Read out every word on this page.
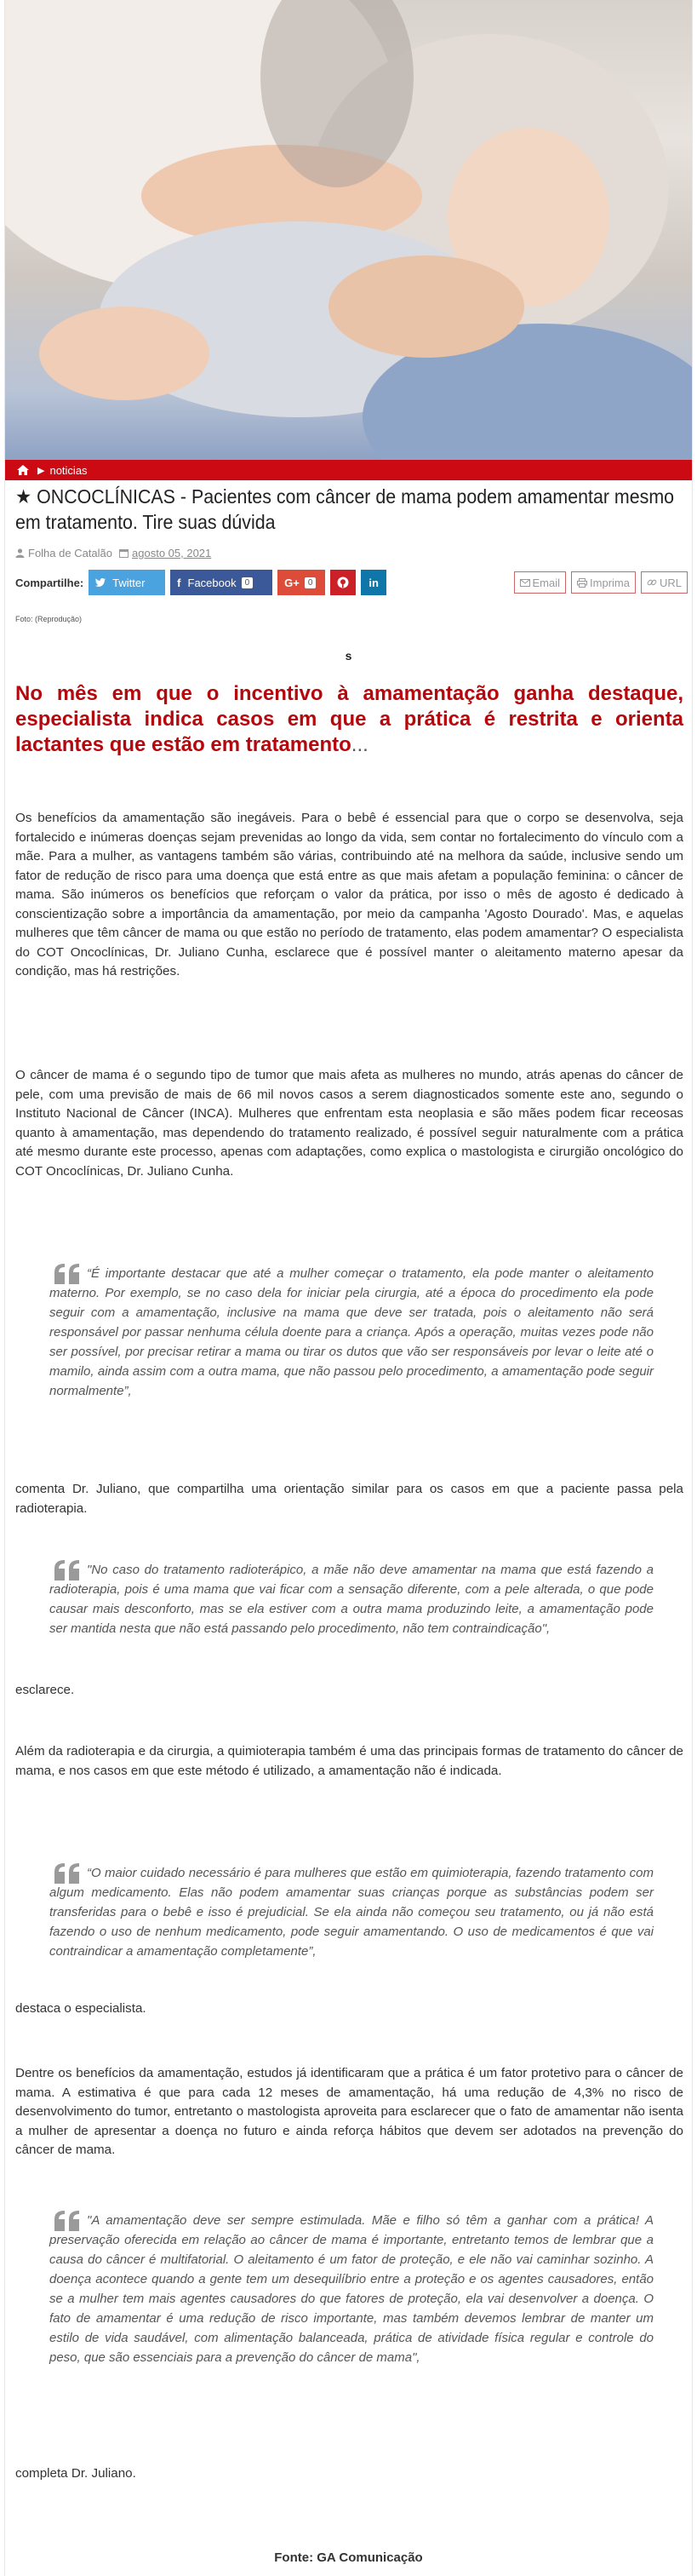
▶ noticias
★ ONCOCLÍNICAS - Pacientes com câncer de mama podem amamentar mesmo em tratamento. Tire suas dúvida
Folha de Catalão agosto 05, 2021
Compartilhe:	Twitter	f Facebook	0	G+	0	in	Email	Imprima	URL
Foto: (Reprodução)
s

No mês em que o incentivo à amamentação ganha destaque, especialista indica casos em que a prática é restrita e orienta lactantes que estão em tratamento...

Os benefícios da amamentação são inegáveis. Para o bebê é essencial para que o corpo se desenvolva, seja fortalecido e inúmeras doenças sejam prevenidas ao longo da vida, sem contar no fortalecimento do vínculo com a mãe. Para a mulher, as vantagens também são várias, contribuindo até na melhora da saúde, inclusive sendo um fator de redução de risco para uma doença que está entre as que mais afetam a população feminina: o câncer de mama. São inúmeros os benefícios que reforçam o valor da prática, por isso o mês de agosto é dedicado à conscientização sobre a importância da amamentação, por meio da campanha 'Agosto Dourado'. Mas, e aquelas mulheres que têm câncer de mama ou que estão no período de tratamento, elas podem amamentar? O especialista do COT Oncoclínicas, Dr. Juliano Cunha, esclarece que é possível manter o aleitamento materno apesar da condição, mas há restrições.

O câncer de mama é o segundo tipo de tumor que mais afeta as mulheres no mundo, atrás apenas do câncer de pele, com uma previsão de mais de 66 mil novos casos a serem diagnosticados somente este ano, segundo o Instituto Nacional de Câncer (INCA). Mulheres que enfrentam esta neoplasia e são mães podem ficar receosas quanto à amamentação, mas dependendo do tratamento realizado, é possível seguir naturalmente com a prática até mesmo durante este processo, apenas com adaptações, como explica o mastologista e cirurgião oncológico do COT Oncoclínicas, Dr. Juliano Cunha.

“É importante destacar que até a mulher começar o tratamento, ela pode manter o aleitamento materno. Por exemplo, se no caso dela for iniciar pela cirurgia, até a época do procedimento ela pode seguir com a amamentação, inclusive na mama que deve ser tratada, pois o aleitamento não será responsável por passar nenhuma célula doente para a criança. Após a operação, muitas vezes pode não ser possível, por precisar retirar a mama ou tirar os dutos que vão ser responsáveis por levar o leite até o mamilo, ainda assim com a outra mama, que não passou pelo procedimento, a amamentação pode seguir normalmente”,

comenta Dr. Juliano, que compartilha uma orientação similar para os casos em que a paciente passa pela radioterapia.

"No caso do tratamento radioterápico, a mãe não deve amamentar na mama que está fazendo a radioterapia, pois é uma mama que vai ficar com a sensação diferente, com a pele alterada, o que pode causar mais desconforto, mas se ela estiver com a outra mama produzindo leite, a amamentação pode ser mantida nesta que não está passando pelo procedimento, não tem contraindicação",

esclarece.

Além da radioterapia e da cirurgia, a quimioterapia também é uma das principais formas de tratamento do câncer de mama, e nos casos em que este método é utilizado, a amamentação não é indicada.

“O maior cuidado necessário é para mulheres que estão em quimioterapia, fazendo tratamento com algum medicamento. Elas não podem amamentar suas crianças porque as substâncias podem ser transferidas para o bebê e isso é prejudicial. Se ela ainda não começou seu tratamento, ou já não está fazendo o uso de nenhum medicamento, pode seguir amamentando. O uso de medicamentos é que vai contraindicar a amamentação completamente”,

destaca o especialista.

Dentre os benefícios da amamentação, estudos já identificaram que a prática é um fator protetivo para o câncer de mama. A estimativa é que para cada 12 meses de amamentação, há uma redução de 4,3% no risco de desenvolvimento do tumor, entretanto o mastologista aproveita para esclarecer que o fato de amamentar não isenta a mulher de apresentar a doença no futuro e ainda reforça hábitos que devem ser adotados na prevenção do câncer de mama.

"A amamentação deve ser sempre estimulada. Mãe e filho só têm a ganhar com a prática! A preservação oferecida em relação ao câncer de mama é importante, entretanto temos de lembrar que a causa do câncer é multifatorial. O aleitamento é um fator de proteção, e ele não vai caminhar sozinho. A doença acontece quando a gente tem um desequilíbrio entre a proteção e os agentes causadores, então se a mulher tem mais agentes causadores do que fatores de proteção, ela vai desenvolver a doença. O fato de amamentar é uma redução de risco importante, mas também devemos lembrar de manter um estilo de vida saudável, com alimentação balanceada, prática de atividade física regular e controle do peso, que são essenciais para a prevenção do câncer de mama",

completa Dr. Juliano.

Fonte: GA Comunicação
